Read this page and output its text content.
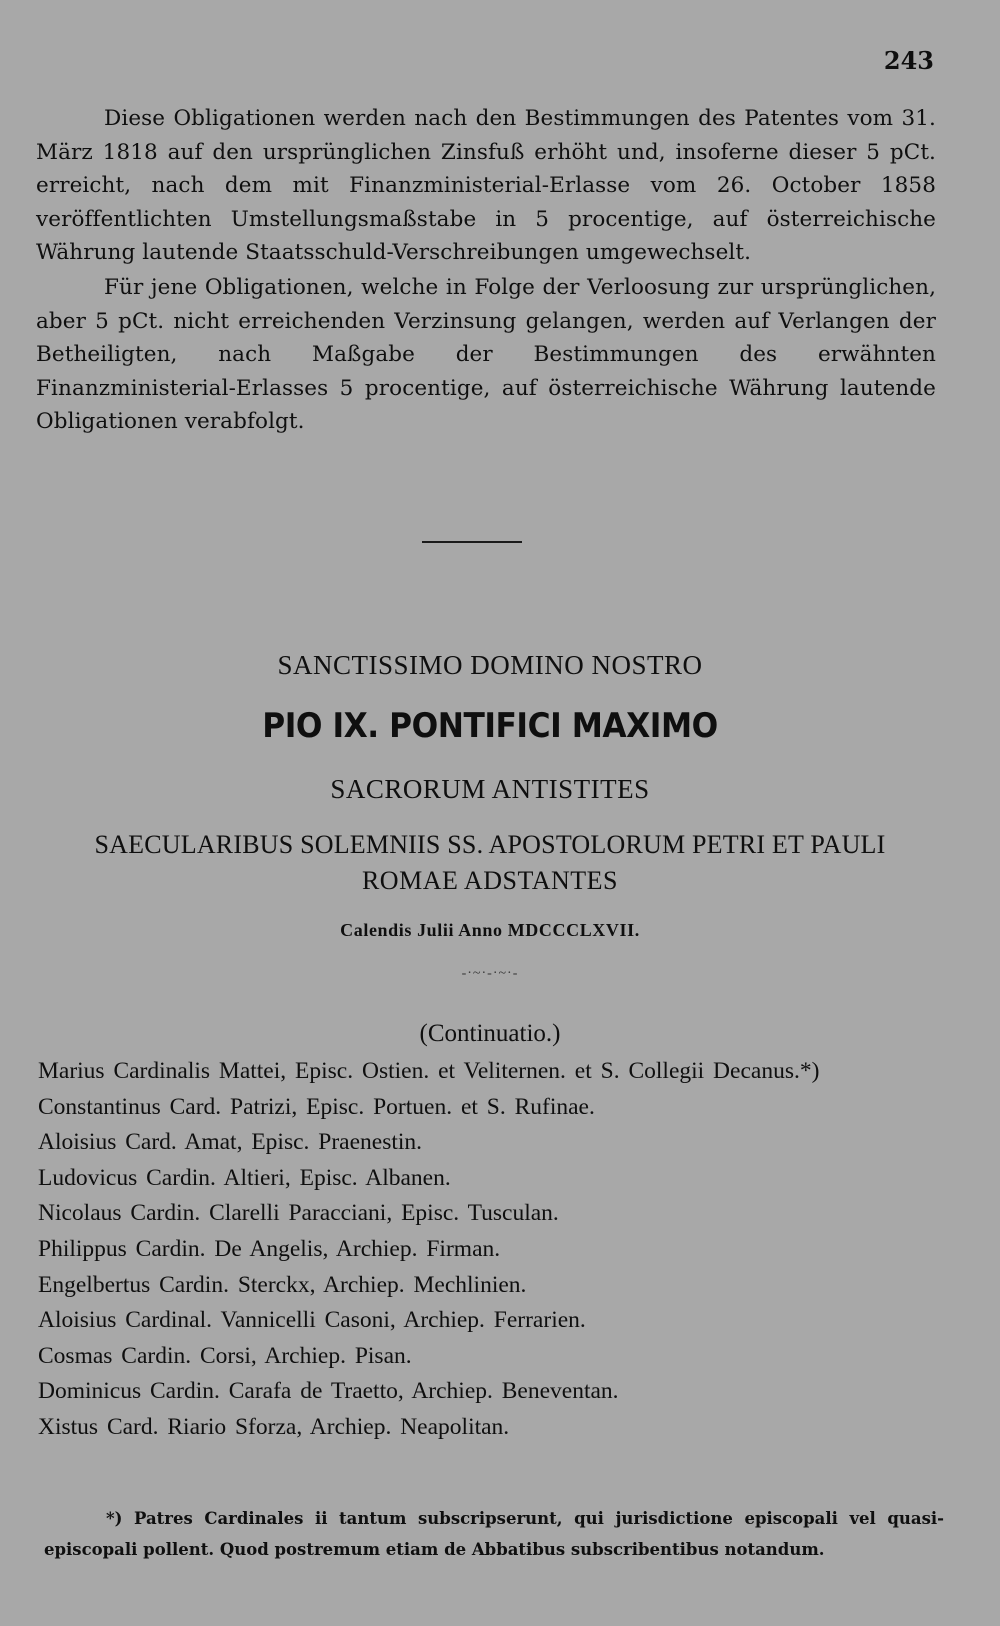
243

Diese Obligationen werden nach den Bestimmungen des Patentes vom 31. März 1818 auf den ursprünglichen Zinsfuß erhöht und, insoferne dieser 5 pCt. erreicht, nach dem mit Finanzministerial-Erlasse vom 26. October 1858 veröffentlichten Umstellungsmaßstabe in 5 procentige, auf österreichische Währung lautende Staatsschuld-Verschreibungen umgewechselt.

Für jene Obligationen, welche in Folge der Verloosung zur ursprünglichen, aber 5 pCt. nicht erreichenden Verzinsung gelangen, werden auf Verlangen der Betheiligten, nach Maßgabe der Bestimmungen des erwähnten Finanzministerial-Erlasses 5 procentige, auf österreichische Währung lautende Obligationen verabfolgt.

SANCTISSIMO DOMINO NOSTRO

PIO IX. PONTIFICI MAXIMO

SACRORUM ANTISTITES

SAECULARIBUS SOLEMNIIS SS. APOSTOLORUM PETRI ET PAULI

ROMAE ADSTANTES

Calendis Julii Anno MDCCCLXVII.

-·~·-·~·-

(Continuatio.)

Marius Cardinalis Mattei, Episc. Ostien. et Veliternen. et S. Collegii Decanus.*)
Constantinus Card. Patrizi, Episc. Portuen. et S. Rufinae.
Aloisius Card. Amat, Episc. Praenestin.
Ludovicus Cardin. Altieri, Episc. Albanen.
Nicolaus Cardin. Clarelli Paracciani, Episc. Tusculan.
Philippus Cardin. De Angelis, Archiep. Firman.
Engelbertus Cardin. Sterckx, Archiep. Mechlinien.
Aloisius Cardinal. Vannicelli Casoni, Archiep. Ferrarien.
Cosmas Cardin. Corsi, Archiep. Pisan.
Dominicus Cardin. Carafa de Traetto, Archiep. Beneventan.
Xistus Card. Riario Sforza, Archiep. Neapolitan.

*) Patres Cardinales ii tantum subscripserunt, qui jurisdictione episcopali vel quasi-episcopali pollent. Quod postremum etiam de Abbatibus subscribentibus notandum.
